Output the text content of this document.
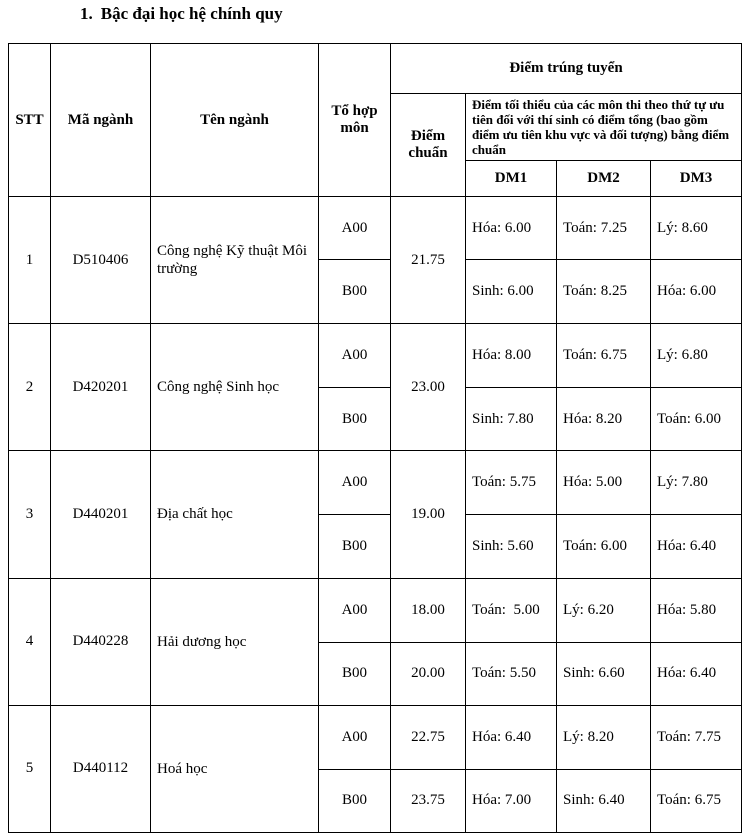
1. Bậc đại học hệ chính quy
STT	Mã ngành	Tên ngành	Tổ hợp môn	Điểm trúng tuyển			
				Điểm chuẩn	Điểm tối thiểu của các môn thi theo thứ tự ưu tiên đối với thí sinh có điểm tổng (bao gồm điểm ưu tiên khu vực và đối tượng) bằng điểm chuẩn		
					DM1	DM2	DM3
1	D510406	Công nghệ Kỹ thuật Môi trường	A00	21.75	Hóa: 6.00	Toán: 7.25	Lý: 8.60
			B00		Sinh: 6.00	Toán: 8.25	Hóa: 6.00
2	D420201	Công nghệ Sinh học	A00	23.00	Hóa: 8.00	Toán: 6.75	Lý: 6.80
			B00		Sinh: 7.80	Hóa: 8.20	Toán: 6.00
3	D440201	Địa chất học	A00	19.00	Toán: 5.75	Hóa: 5.00	Lý: 7.80
			B00		Sinh: 5.60	Toán: 6.00	Hóa: 6.40
4	D440228	Hải dương học	A00	18.00	Toán:  5.00	Lý: 6.20	Hóa: 5.80
			B00	20.00	Toán: 5.50	Sinh: 6.60	Hóa: 6.40
5	D440112	Hoá học	A00	22.75	Hóa: 6.40	Lý: 8.20	Toán: 7.75
			B00	23.75	Hóa: 7.00	Sinh: 6.40	Toán: 6.75
